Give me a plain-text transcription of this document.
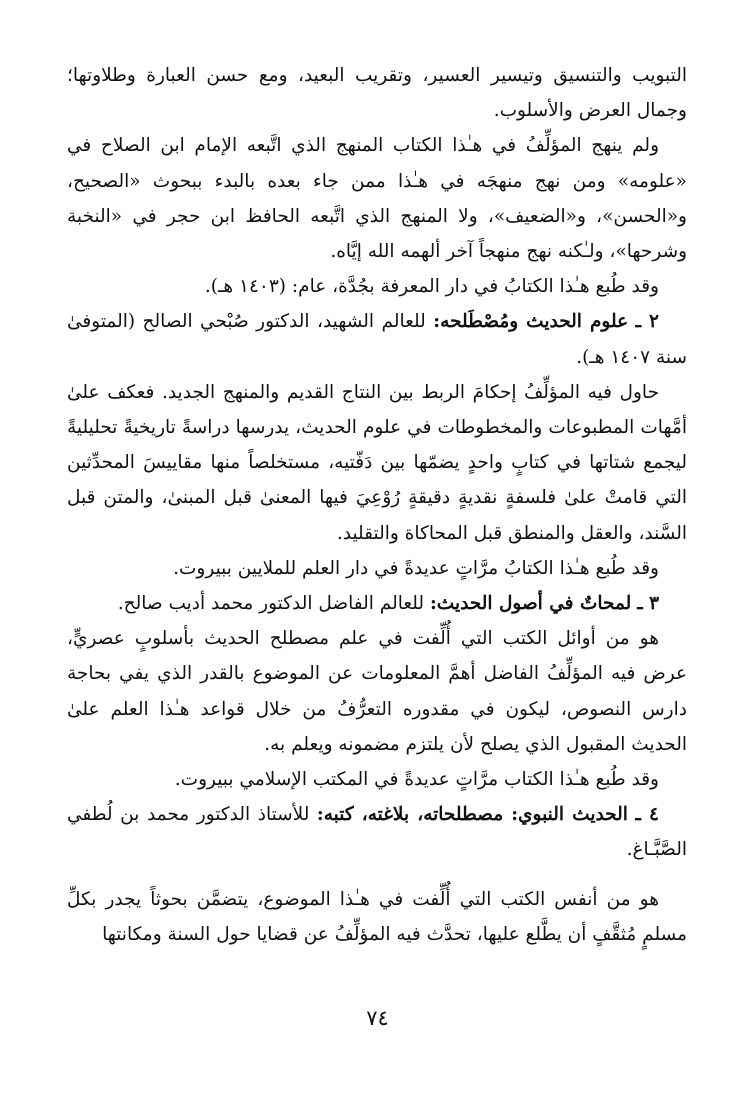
التبويب والتنسيق وتيسير العسير، وتقريب البعيد، ومع حسن العبارة وطلاوتها؛ وجمال العرض والأسلوب.

ولم ينهج المؤلِّفُ في هـٰذا الكتاب المنهج الذي اتَّبعه الإمام ابن الصلاح في «علومه» ومن نهج منهجَه في هـٰذا ممن جاء بعده بالبدء ببحوث «الصحيح، و«الحسن»، و«الضعيف»، ولا المنهج الذي اتَّبعه الحافظ ابن حجر في «النخبة وشرحها»، ولـٰكنه نهج منهجاً آخر ألهمه الله إيَّاه.

وقد طُبع هـٰذا الكتابُ في دار المعرفة بجُدَّة، عام: (١٤٠٣ هـ).

٢ ـ علوم الحديث ومُصْطَلحه: للعالم الشهيد، الدكتور صُبْحي الصالح (المتوفىٰ سنة ١٤٠٧ هـ).

حاول فيه المؤلِّفُ إحكامَ الربط بين النتاج القديم والمنهج الجديد. فعكف علىٰ أمَّهات المطبوعات والمخطوطات في علوم الحديث، يدرسها دراسةً تاريخيةً تحليليةً ليجمع شتاتها في كتابٍ واحدٍ يضمّها بين دَفّتيه، مستخلصاً منها مقاييسَ المحدِّثين التي قامتْ علىٰ فلسفةٍ نقديةٍ دقيقةٍ رُوْعِيَ فيها المعنىٰ قبل المبنىٰ، والمتن قبل السَّند، والعقل والمنطق قبل المحاكاة والتقليد.

وقد طُبع هـٰذا الكتابُ مرَّاتٍ عديدةً في دار العلم للملايين ببيروت.

٣ ـ لمحاتٌ في أصول الحديث: للعالم الفاضل الدكتور محمد أديب صالح.

هو من أوائل الكتب التي أُلِّفت في علم مصطلح الحديث بأسلوبٍ عصريٍّ، عرض فيه المؤلِّفُ الفاضل أهمَّ المعلومات عن الموضوع بالقدر الذي يفي بحاجة دارس النصوص، ليكون في مقدوره التعرُّفُ من خلال قواعد هـٰذا العلم علىٰ الحديث المقبول الذي يصلح لأن يلتزم مضمونه ويعلم به.

وقد طُبع هـٰذا الكتاب مرَّاتٍ عديدةً في المكتب الإسلامي ببيروت.

٤ ـ الحديث النبوي: مصطلحاته، بلاغته، كتبه: للأستاذ الدكتور محمد بن لُطفي الصَّبَّـاغ.

هو من أنفس الكتب التي أُلِّفت في هـٰذا الموضوع، يتضمَّن بحوثاً يجدر بكلِّ مسلمٍ مُثقَّفٍ أن يطَّلع عليها، تحدَّث فيه المؤلِّفُ عن قضايا حول السنة ومكانتها

٧٤
